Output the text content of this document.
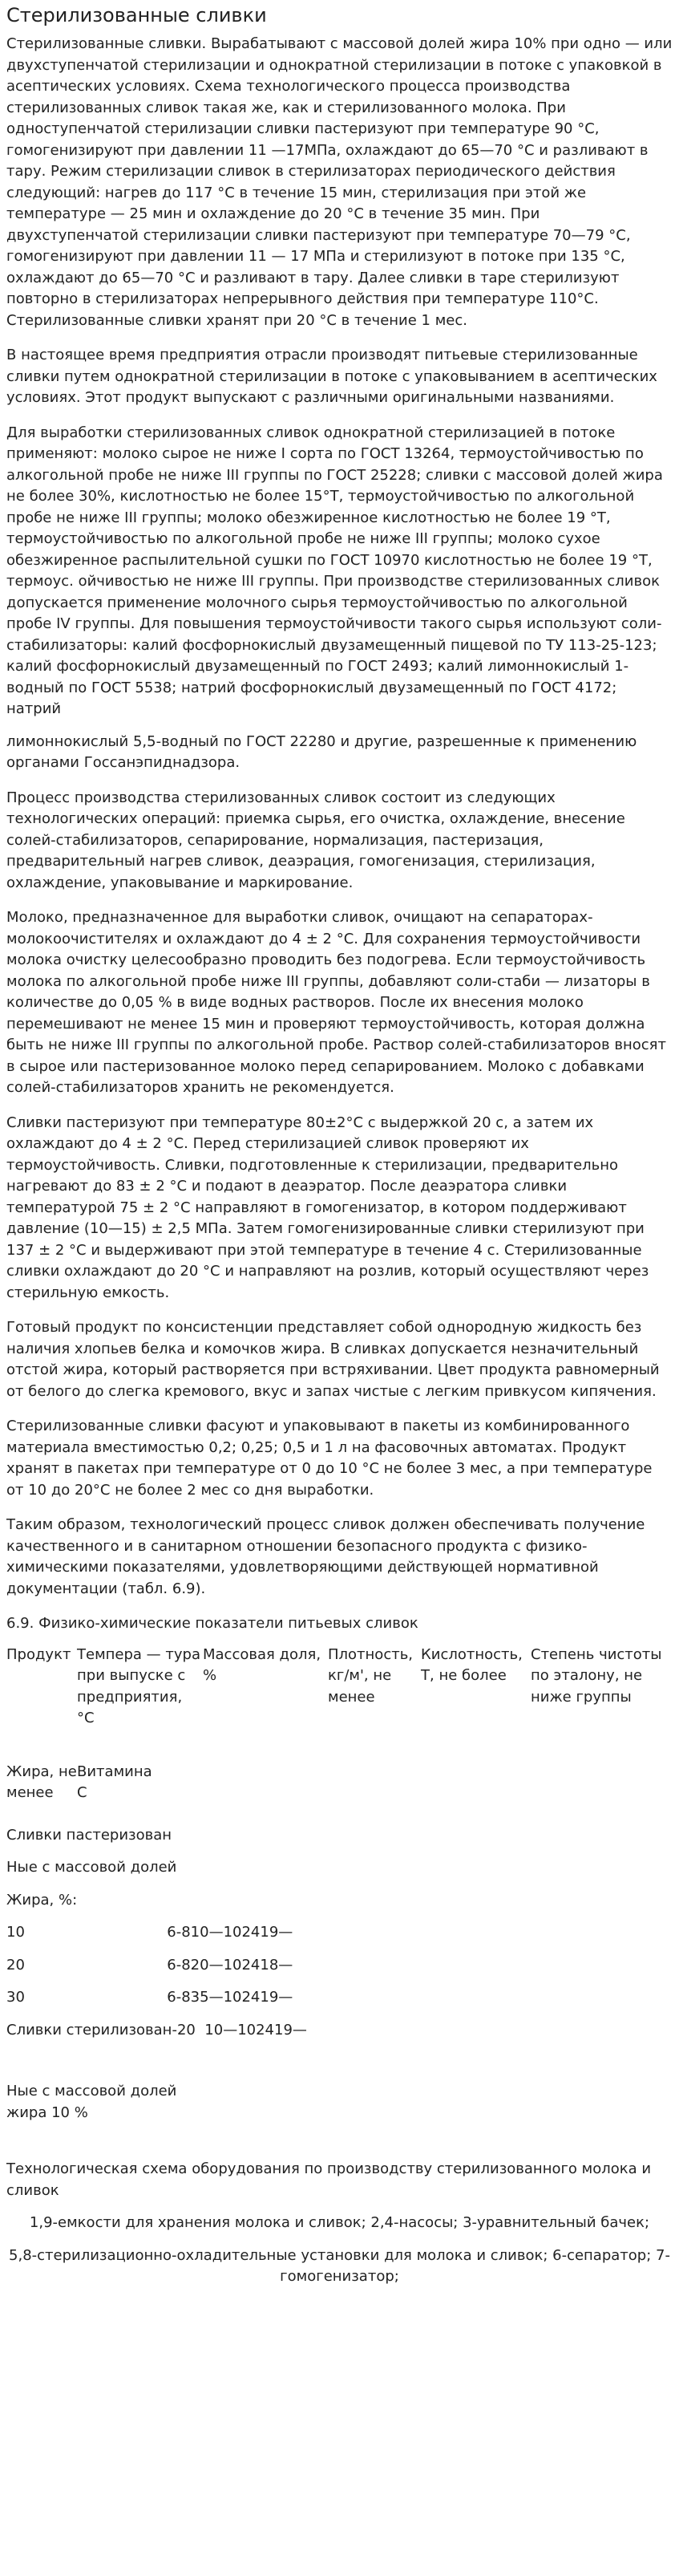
Стерилизованные сливки

Стерилизованные сливки. Вырабатывают с массовой долей жира 10% при одно — или двухступенчатой стерилизации и однократной стерилизации в потоке с упаковкой в асептических условиях. Схема технологического процесса производства стерилизованных сливок такая же, как и стерилизованного молока. При одноступенчатой стерилизации сливки пастеризуют при температуре 90 °С, гомогенизируют при давлении 11 —17МПа, охлаждают до 65—70 °С и разливают в тару. Режим стерилизации сливок в стерилизаторах периодического действия следующий: нагрев до 117 °С в течение 15 мин, стерилизация при этой же температуре — 25 мин и охлаждение до 20 °С в течение 35 мин. При двухступенчатой стерилизации сливки пастеризуют при температуре 70—79 °С, гомогенизируют при давлении 11 — 17 МПа и стерилизуют в потоке при 135 °С, охлаждают до 65—70 °С и разливают в тару. Далее сливки в таре стерилизуют повторно в стерилизаторах непрерывного действия при температуре 110°С. Стерилизованные сливки хранят при 20 °С в течение 1 мес.

В настоящее время предприятия отрасли производят питьевые стерилизованные сливки путем однократной стерилизации в потоке с упаковыванием в асептических условиях. Этот продукт выпускают с различными оригинальными названиями.

Для выработки стерилизованных сливок однократной стерилизацией в потоке применяют: молоко сырое не ниже I сорта по ГОСТ 13264, термоустойчивостью по алкогольной пробе не ниже III группы по ГОСТ 25228; сливки с массовой долей жира не более 30%, кислотностью не более 15°Т, термоустойчивостью по алкогольной пробе не ниже III группы; молоко обезжиренное кислотностью не более 19 °Т, термоустойчивостью по алкогольной пробе не ниже III группы; молоко сухое обезжиренное распылительной сушки по ГОСТ 10970 кислотностью не более 19 °Т, термоус. ойчивостью не ниже III группы. При производстве стерилизованных сливок допускается применение молочного сырья термоустойчивостью по алкогольной пробе IV группы. Для повышения термоустойчивости такого сырья используют соли-стабилизаторы: калий фосфорнокислый двузамещенный пищевой по ТУ 113-25-123; калий фосфорнокислый двузамещенный по ГОСТ 2493; калий лимоннокислый 1-водный по ГОСТ 5538; натрий фосфорнокислый двузамещенный по ГОСТ 4172; натрий

лимоннокислый 5,5-водный по ГОСТ 22280 и другие, разрешенные к применению органами Госсанэпиднадзора.

Процесс производства стерилизованных сливок состоит из следующих технологических операций: приемка сырья, его очистка, охлаждение, внесение солей-стабилизаторов, сепарирование, нормализация, пастеризация, предварительный нагрев сливок, деаэрация, гомогенизация, стерилизация, охлаждение, упаковывание и маркирование.

Молоко, предназначенное для выработки сливок, очищают на сепараторах-молокоочистителях и охлаждают до 4 ± 2 °С. Для сохранения термоустойчивости молока очистку целесообразно проводить без подогрева. Если термоустойчивость молока по алкогольной пробе ниже III группы, добавляют соли-стаби — лизаторы в количестве до 0,05 % в виде водных растворов. После их внесения молоко перемешивают не менее 15 мин и проверяют термоустойчивость, которая должна быть не ниже III группы по алкогольной пробе. Раствор солей-стабилизаторов вносят в сырое или пастеризованное молоко перед сепарированием. Молоко с добавками солей-стабилизаторов хранить не рекомендуется.

Сливки пастеризуют при температуре 80±2°С с выдержкой 20 с, а затем их охлаждают до 4 ± 2 °С. Перед стерилизацией сливок проверяют их термоустойчивость. Сливки, подготовленные к стерилизации, предварительно нагревают до 83 ± 2 °С и подают в деаэратор. После деаэратора сливки температурой 75 ± 2 °С направляют в гомогенизатор, в котором поддерживают давление (10—15) ± 2,5 МПа. Затем гомогенизированные сливки стерилизуют при 137 ± 2 °С и выдерживают при этой температуре в течение 4 с. Стерилизованные сливки охлаждают до 20 °С и направляют на розлив, который осуществляют через стерильную емкость.

Готовый продукт по консистенции представляет собой однородную жидкость без наличия хлопьев белка и комочков жира. В сливках допускается незначительный отстой жира, который растворяется при встряхивании. Цвет продукта равномерный от белого до слегка кремового, вкус и запах чистые с легким привкусом кипячения.

Стерилизованные сливки фасуют и упаковывают в пакеты из комбинированного материала вместимостью 0,2; 0,25; 0,5 и 1 л на фасовочных автоматах. Продукт хранят в пакетах при температуре от 0 до 10 °С не более 3 мес, а при температуре от 10 до 20°С не более 2 мес со дня выработки.

Таким образом, технологический процесс сливок должен обеспечивать получение качественного и в санитарном отношении безопасного продукта с физико-химическими показателями, удовлетворяющими действующей нормативной документации (табл. 6.9).

6.9. Физико-химические показатели питьевых сливок
Продукт Темпера — тура при выпуске с предприятия, °С
Массовая доля, %
Плотность, кг/м', не менее
Кислотность, Т, не более
Степень чистоты по эталону, не ниже группы
Жира, не менее
Витамина С
Сливки пастеризован
Ные с массовой долей
Жира, %:
10                               6-810—102419—
20                               6-820—102418—
30                               6-835—102419—
Сливки стерилизован-20  10—102419—
Ные с массовой долей жира 10 %
Технологическая схема оборудования по производству стерилизованного молока и сливок
1,9-емкости для хранения молока и сливок; 2,4-насосы; 3-уравнительный бачек;
5,8-стерилизационно-охладительные установки для молока и сливок; 6-сепаратор; 7- гомогенизатор;
